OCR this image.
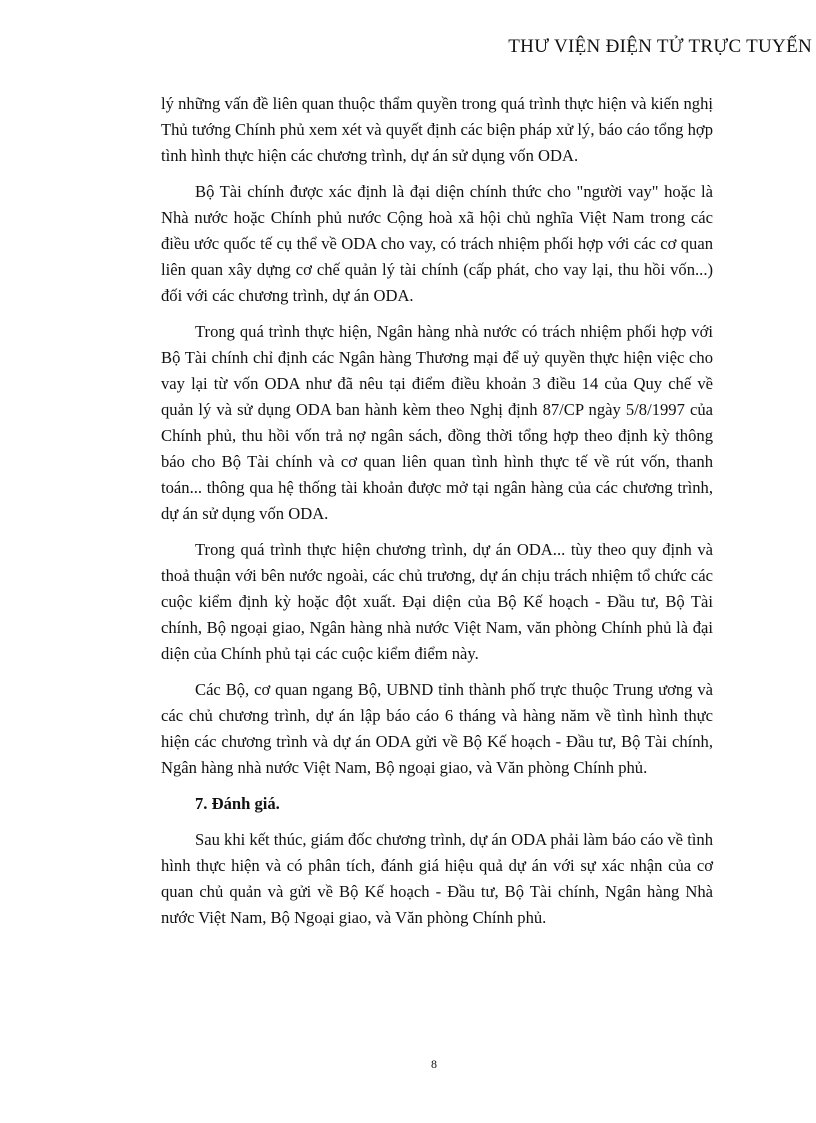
THƯ VIỆN ĐIỆN TỬ TRỰC TUYẾN

lý những vấn đề liên quan thuộc thẩm quyền trong quá trình thực hiện và kiến nghị Thủ tướng Chính phủ xem xét và quyết định các biện pháp xử lý, báo cáo tổng hợp tình hình thực hiện các chương trình, dự án sử dụng vốn ODA.

Bộ Tài chính được xác định là đại diện chính thức cho "người vay" hoặc là Nhà nước hoặc Chính phủ nước Cộng hoà xã hội chủ nghĩa Việt Nam trong các điều ước quốc tế cụ thể về ODA cho vay, có trách nhiệm phối hợp với các cơ quan liên quan xây dựng cơ chế quản lý tài chính (cấp phát, cho vay lại, thu hồi vốn...) đối với các chương trình, dự án ODA.

Trong quá trình thực hiện, Ngân hàng nhà nước có trách nhiệm phối hợp với Bộ Tài chính chỉ định các Ngân hàng Thương mại để uỷ quyền thực hiện việc cho vay lại từ vốn ODA như đã nêu tại điểm điều khoản 3 điều 14 của Quy chế về quản lý và sử dụng ODA ban hành kèm theo Nghị định 87/CP ngày 5/8/1997 của Chính phủ, thu hồi vốn trả nợ ngân sách, đồng thời tổng hợp theo định kỳ thông báo cho Bộ Tài chính và cơ quan liên quan tình hình thực tế về rút vốn, thanh toán... thông qua hệ thống tài khoản được mở tại ngân hàng của các chương trình, dự án sử dụng vốn ODA.

Trong quá trình thực hiện chương trình, dự án ODA... tùy theo quy định và thoả thuận với bên nước ngoài, các chủ trương, dự án chịu trách nhiệm tổ chức các cuộc kiểm định kỳ hoặc đột xuất. Đại diện của Bộ Kế hoạch - Đầu tư, Bộ Tài chính, Bộ ngoại giao, Ngân hàng nhà nước Việt Nam, văn phòng Chính phủ là đại diện của Chính phủ tại các cuộc kiểm điểm này.

Các Bộ, cơ quan ngang Bộ, UBND tỉnh thành phố trực thuộc Trung ương và các chủ chương trình, dự án lập báo cáo 6 tháng và hàng năm về tình hình thực hiện các chương trình và dự án ODA gửi về Bộ Kế hoạch - Đầu tư, Bộ Tài chính, Ngân hàng nhà nước Việt Nam, Bộ ngoại giao, và Văn phòng Chính phủ.

7. Đánh giá.

Sau khi kết thúc, giám đốc chương trình, dự án ODA phải làm báo cáo về tình hình thực hiện và có phân tích, đánh giá hiệu quả dự án với sự xác nhận của cơ quan chủ quản và gửi về Bộ Kế hoạch - Đầu tư, Bộ Tài chính, Ngân hàng Nhà nước Việt Nam, Bộ Ngoại giao, và Văn phòng Chính phủ.

8
